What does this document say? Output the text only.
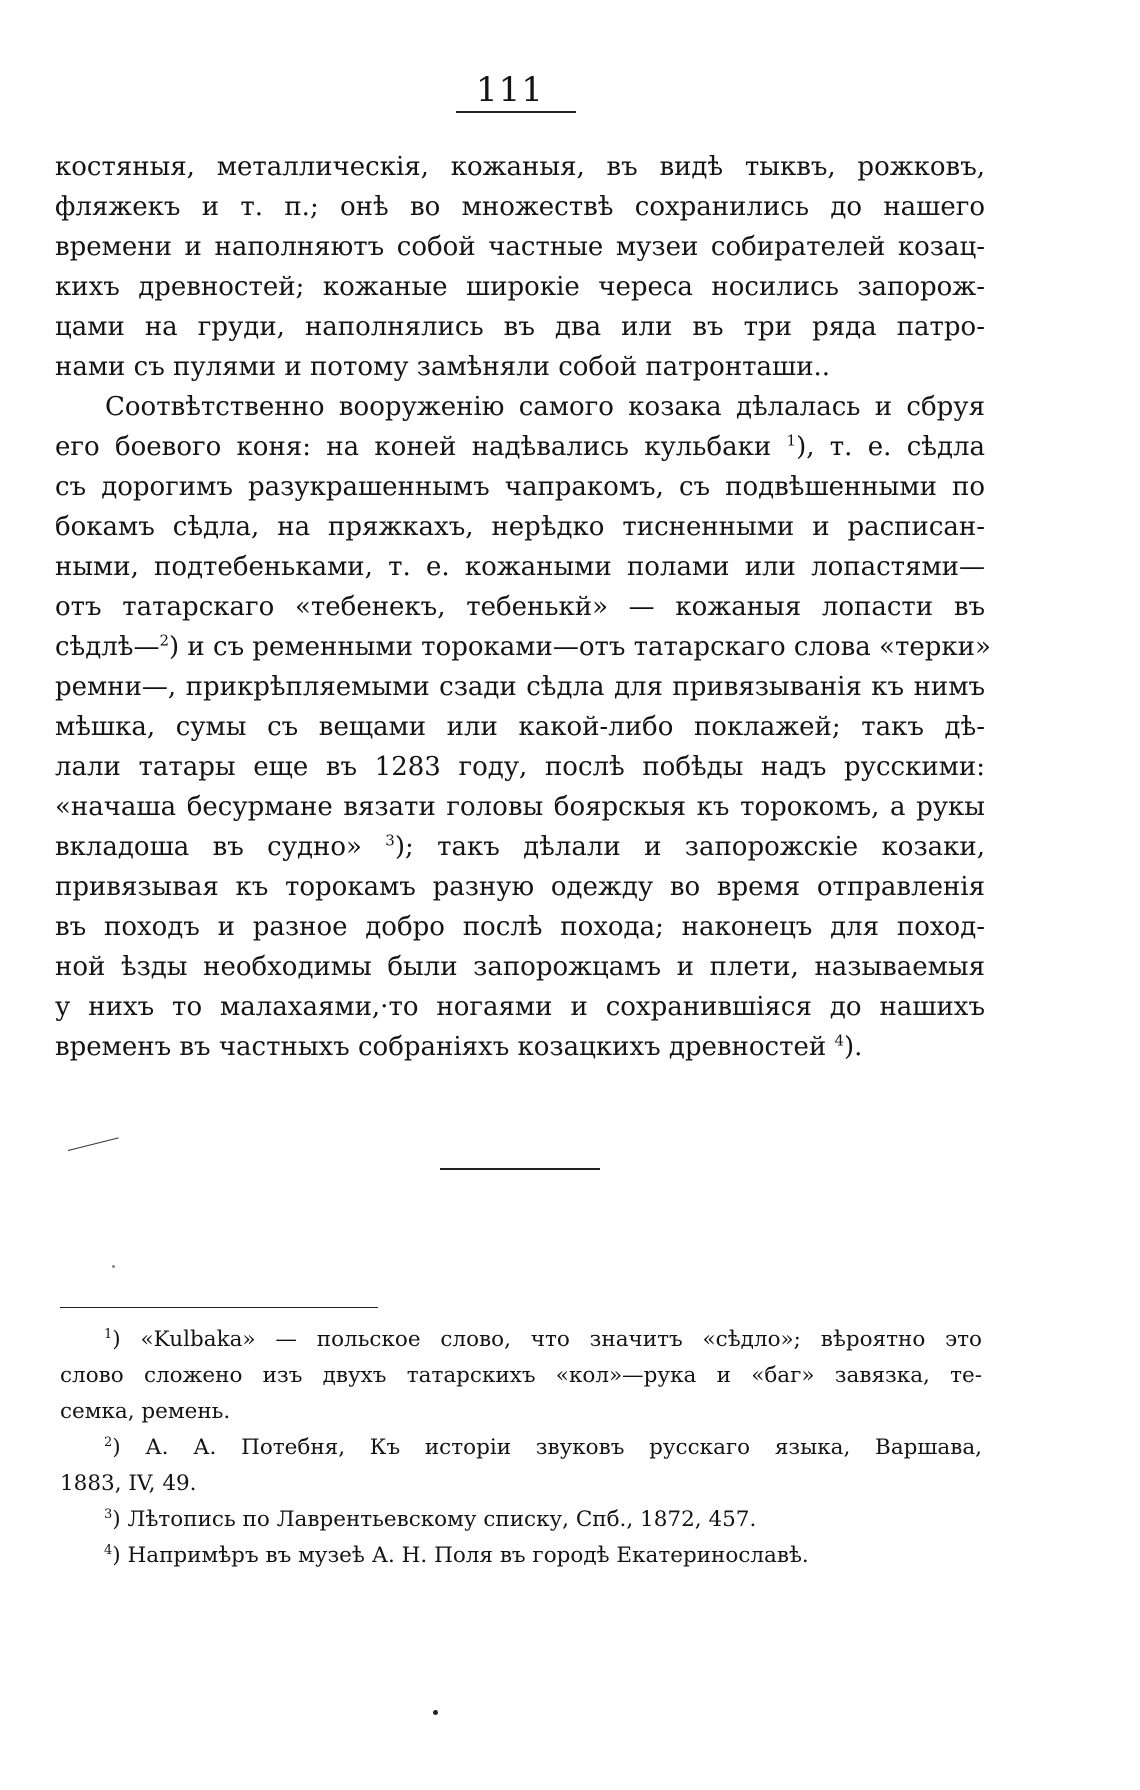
111
костяныя, металлическія, кожаныя, въ видѣ тыквъ, рожковъ,
фляжекъ и т. п.; онѣ во множествѣ сохранились до нашего
времени и наполняютъ собой частные музеи собирателей козац-
кихъ древностей; кожаные широкіе череса носились запорож-
цами на груди, наполнялись въ два или въ три ряда патро-
нами съ пулями и потому замѣняли собой патронташи..
Соотвѣтственно вооруженію самого козака дѣлалась и сбруя
его боевого коня: на коней надѣвались кульбаки $^1$), т. е. сѣдла
съ дорогимъ разукрашеннымъ чапракомъ, съ подвѣшенными по
бокамъ сѣдла, на пряжкахъ, нерѣдко тисненными и расписан-
ными, подтебеньками, т. е. кожаными полами или лопастями—
отъ татарскаго «тебенекъ, тебенькй» — кожаныя лопасти въ
сѣдлѣ—$^2$) и съ ременными тороками—отъ татарскаго слова «терки»
ремни—, прикрѣпляемыми сзади сѣдла для привязыванія къ нимъ
мѣшка, сумы съ вещами или какой-либо поклажей; такъ дѣ-
лали татары еще въ 1283 году, послѣ побѣды надъ русскими:
«начаша бесурмане вязати головы боярскыя къ торокомъ, а рукы
вкладоша въ судно» $^3$); такъ дѣлали и запорожскіе козаки,
привязывая къ торокамъ разную одежду во время отправленія
въ походъ и разное добро послѣ похода; наконецъ для поход-
ной ѣзды необходимы были запорожцамъ и плети, называемыя
у нихъ то малахаями,·то ногаями и сохранившіяся до нашихъ
временъ въ частныхъ собраніяхъ козацкихъ древностей $^4$).
$^1$) «Kulbaka» — польское слово, что значитъ «сѣдло»; вѣроятно это
слово сложено изъ двухъ татарскихъ «кол»—рука и «баг» завязка, те-
семка, ремень.
$^2$) А. А. Потебня, Къ исторіи звуковъ русскаго языка, Варшава,
1883, IV, 49.
$^3$) Лѣтопись по Лаврентьевскому списку, Спб., 1872, 457.
$^4$) Напримѣръ въ музеѣ А. Н. Поля въ городѣ Екатеринославѣ.
